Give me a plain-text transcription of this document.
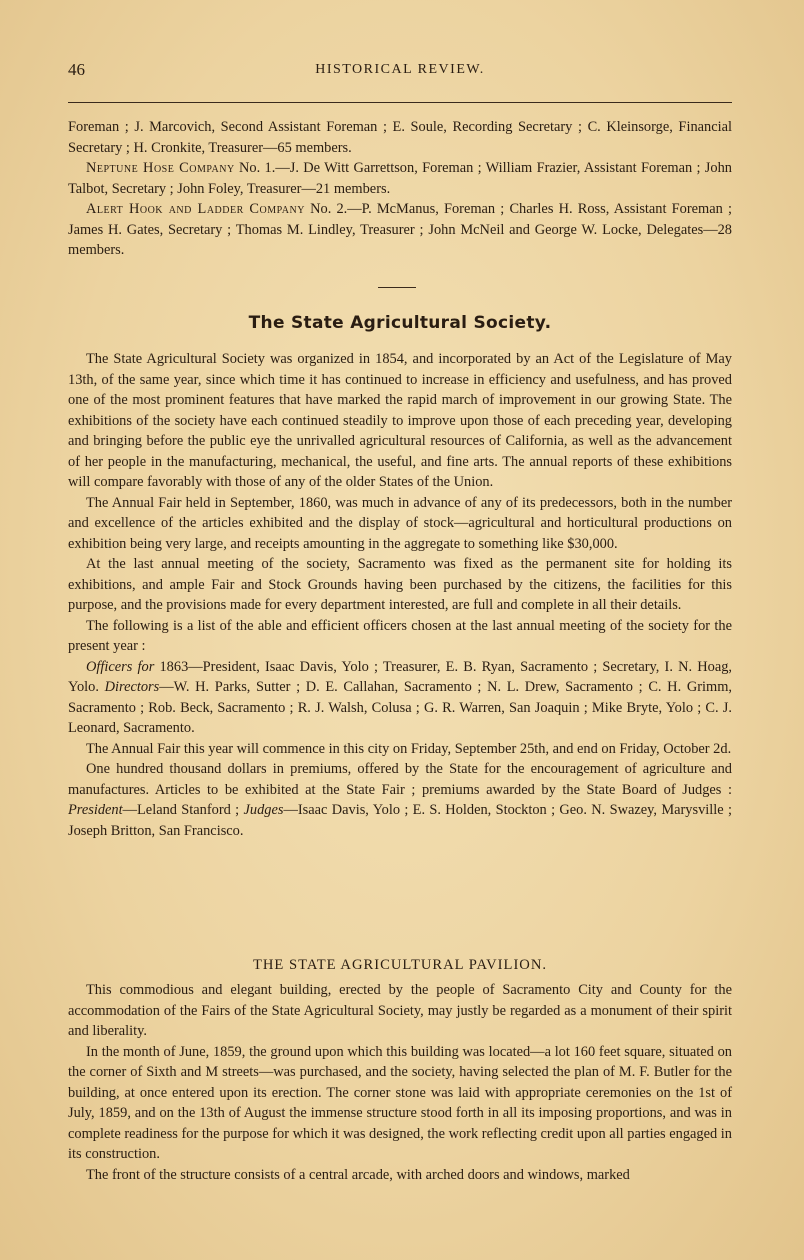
46	HISTORICAL REVIEW.

Foreman ; J. Marcovich, Second Assistant Foreman ; E. Soule, Recording Secretary ; C. Kleinsorge, Financial Secretary ; H. Cronkite, Treasurer—65 members.

Neptune Hose Company No. 1.—J. De Witt Garrettson, Foreman ; William Frazier, Assistant Foreman ; John Talbot, Secretary ; John Foley, Treasurer—21 members.

Alert Hook and Ladder Company No. 2.—P. McManus, Foreman ; Charles H. Ross, Assistant Foreman ; James H. Gates, Secretary ; Thomas M. Lindley, Treasurer ; John McNeil and George W. Locke, Delegates—28 members.

The State Agricultural Society.

The State Agricultural Society was organized in 1854, and incorporated by an Act of the Legislature of May 13th, of the same year, since which time it has continued to increase in efficiency and usefulness, and has proved one of the most prominent features that have marked the rapid march of improvement in our growing State. The exhibitions of the society have each continued steadily to improve upon those of each preceding year, developing and bringing before the public eye the unrivalled agricultural resources of California, as well as the advancement of her people in the manufacturing, mechanical, the useful, and fine arts. The annual reports of these exhibitions will compare favorably with those of any of the older States of the Union.

The Annual Fair held in September, 1860, was much in advance of any of its predecessors, both in the number and excellence of the articles exhibited and the display of stock—agricultural and horticultural productions on exhibition being very large, and receipts amounting in the aggregate to something like $30,000.

At the last annual meeting of the society, Sacramento was fixed as the permanent site for holding its exhibitions, and ample Fair and Stock Grounds having been purchased by the citizens, the facilities for this purpose, and the provisions made for every department interested, are full and complete in all their details.

The following is a list of the able and efficient officers chosen at the last annual meeting of the society for the present year :

Officers for 1863—President, Isaac Davis, Yolo ; Treasurer, E. B. Ryan, Sacramento ; Secretary, I. N. Hoag, Yolo. Directors—W. H. Parks, Sutter ; D. E. Callahan, Sacramento ; N. L. Drew, Sacramento ; C. H. Grimm, Sacramento ; Rob. Beck, Sacramento ; R. J. Walsh, Colusa ; G. R. Warren, San Joaquin ; Mike Bryte, Yolo ; C. J. Leonard, Sacramento.

The Annual Fair this year will commence in this city on Friday, September 25th, and end on Friday, October 2d.

One hundred thousand dollars in premiums, offered by the State for the encouragement of agriculture and manufactures. Articles to be exhibited at the State Fair ; premiums awarded by the State Board of Judges : President—Leland Stanford ; Judges—Isaac Davis, Yolo ; E. S. Holden, Stockton ; Geo. N. Swazey, Marysville ; Joseph Britton, San Francisco.

THE STATE AGRICULTURAL PAVILION.

This commodious and elegant building, erected by the people of Sacramento City and County for the accommodation of the Fairs of the State Agricultural Society, may justly be regarded as a monument of their spirit and liberality.

In the month of June, 1859, the ground upon which this building was located—a lot 160 feet square, situated on the corner of Sixth and M streets—was purchased, and the society, having selected the plan of M. F. Butler for the building, at once entered upon its erection. The corner stone was laid with appropriate ceremonies on the 1st of July, 1859, and on the 13th of August the immense structure stood forth in all its imposing proportions, and was in complete readiness for the purpose for which it was designed, the work reflecting credit upon all parties engaged in its construction.

The front of the structure consists of a central arcade, with arched doors and windows, marked
